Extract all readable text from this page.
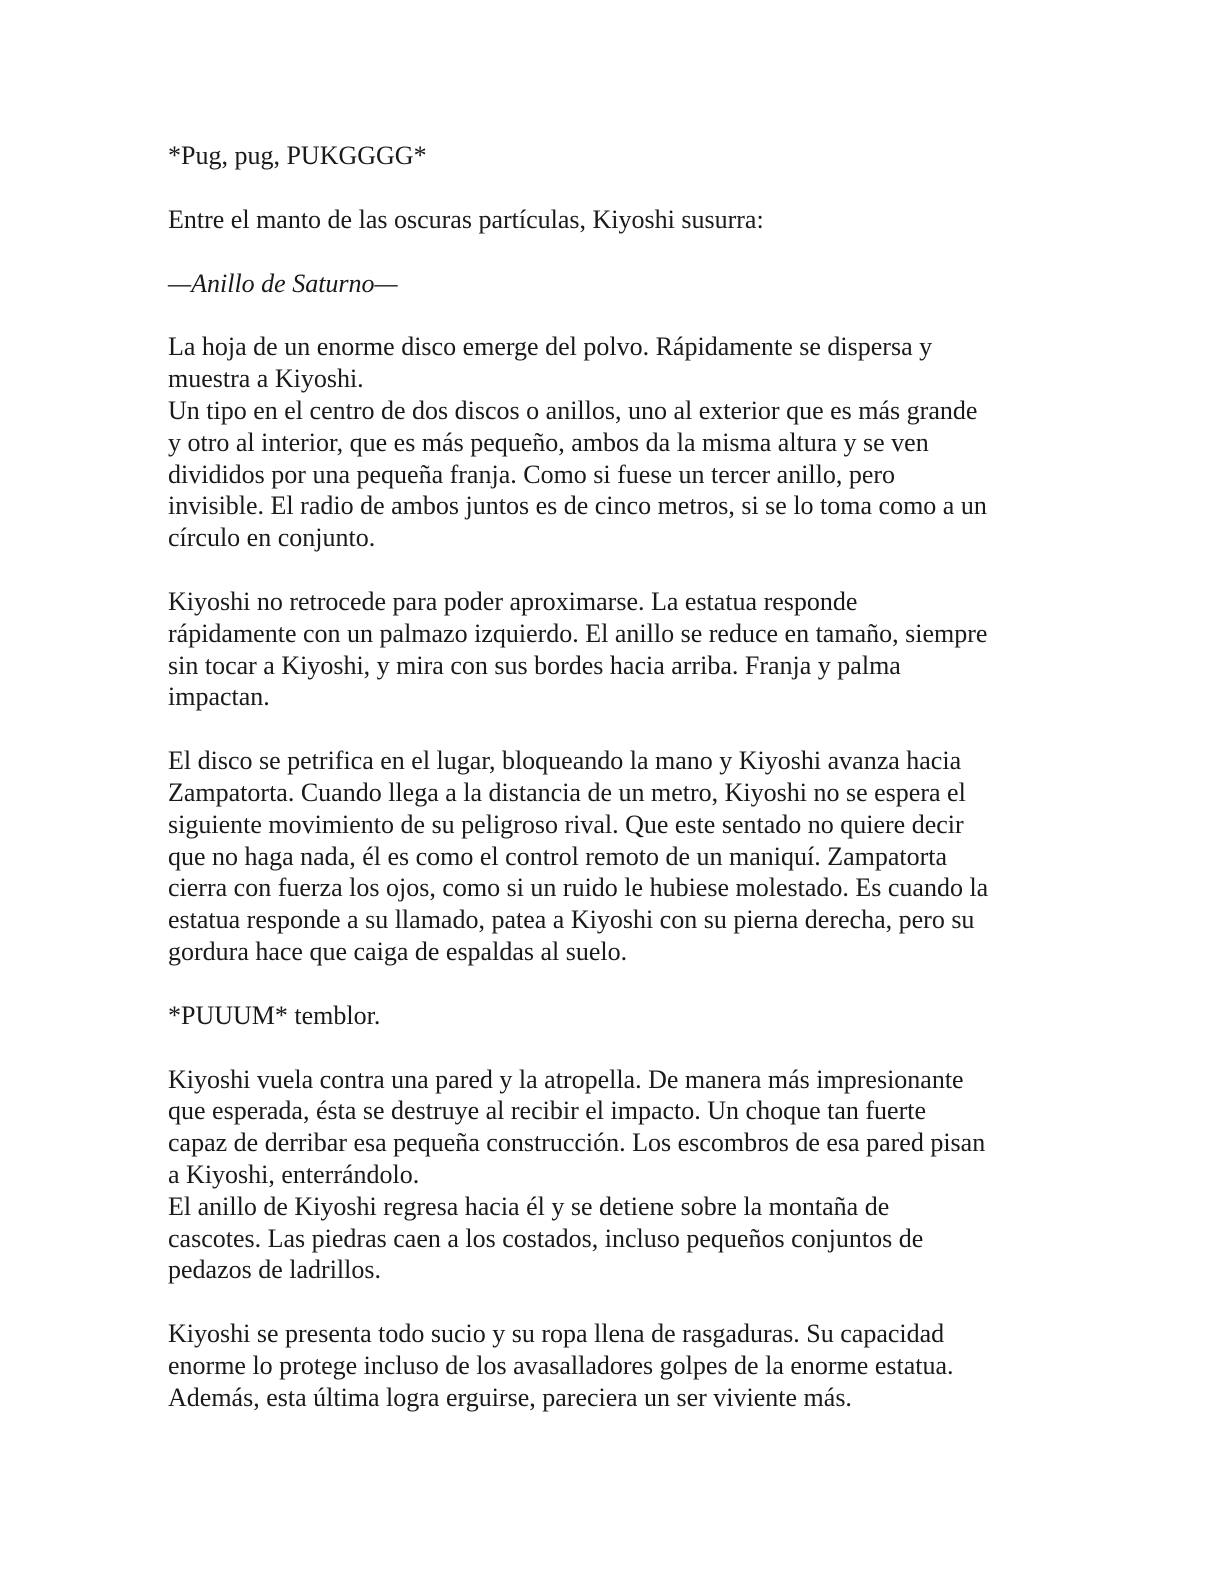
*Pug, pug, PUKGGGG*

Entre el manto de las oscuras partículas, Kiyoshi susurra:

—Anillo de Saturno—

La hoja de un enorme disco emerge del polvo. Rápidamente se dispersa y
muestra a Kiyoshi.
Un tipo en el centro de dos discos o anillos, uno al exterior que es más grande
y otro al interior, que es más pequeño, ambos da la misma altura y se ven
divididos por una pequeña franja. Como si fuese un tercer anillo, pero
invisible. El radio de ambos juntos es de cinco metros, si se lo toma como a un
círculo en conjunto.

Kiyoshi no retrocede para poder aproximarse. La estatua responde
rápidamente con un palmazo izquierdo. El anillo se reduce en tamaño, siempre
sin tocar a Kiyoshi, y mira con sus bordes hacia arriba. Franja y palma
impactan.

El disco se petrifica en el lugar, bloqueando la mano y Kiyoshi avanza hacia
Zampatorta. Cuando llega a la distancia de un metro, Kiyoshi no se espera el
siguiente movimiento de su peligroso rival. Que este sentado no quiere decir
que no haga nada, él es como el control remoto de un maniquí. Zampatorta
cierra con fuerza los ojos, como si un ruido le hubiese molestado. Es cuando la
estatua responde a su llamado, patea a Kiyoshi con su pierna derecha, pero su
gordura hace que caiga de espaldas al suelo.

*PUUUM* temblor.

Kiyoshi vuela contra una pared y la atropella. De manera más impresionante
que esperada, ésta se destruye al recibir el impacto. Un choque tan fuerte
capaz de derribar esa pequeña construcción. Los escombros de esa pared pisan
a Kiyoshi, enterrándolo.
El anillo de Kiyoshi regresa hacia él y se detiene sobre la montaña de
cascotes. Las piedras caen a los costados, incluso pequeños conjuntos de
pedazos de ladrillos.

Kiyoshi se presenta todo sucio y su ropa llena de rasgaduras. Su capacidad
enorme lo protege incluso de los avasalladores golpes de la enorme estatua.
Además, esta última logra erguirse, pareciera un ser viviente más.
